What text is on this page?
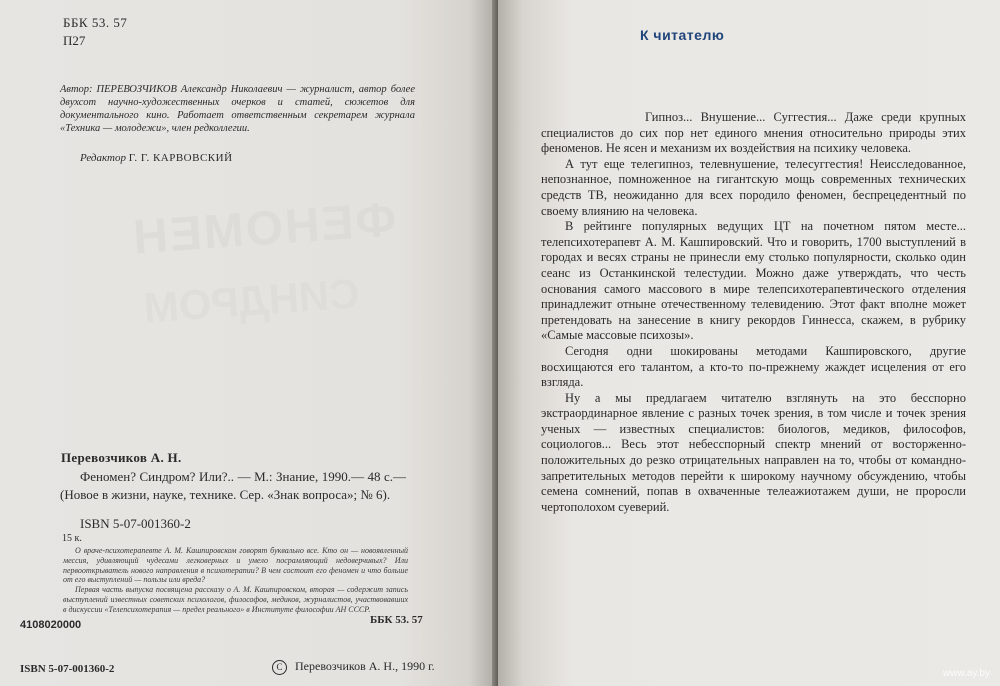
ББК 53. 57
П27
Автор: ПЕРЕВОЗЧИКОВ Александр Николаевич — журналист, автор более двухсот научно-художественных очерков и статей, сюжетов для документального кино. Работает ответственным секретарем журнала «Техника — молодежи», член редколлегии.
Редактор Г. Г. КАРВОВСКИЙ
ФЕНОМЕН
СИНДРОМ
Перевозчиков А. Н.
Феномен? Синдром? Или?.. — М.: Знание, 1990.— 48 с.— (Новое в жизни, науке, технике. Сер. «Знак вопроса»; № 6).
ISBN 5-07-001360-2
15 к.

О враче-психотерапевте А. М. Кашпировском говорят буквально все. Кто он — новоявленный мессия, удивляющий чудесами легковерных и умело посрамляющий недоверчивых? Или первооткрыватель нового направления в психотерапии? В чем состоит его феномен и что больше от его выступлений — пользы или вреда?

Первая часть выпуска посвящена рассказу о А. М. Кашпировском, вторая — содержит запись выступлений известных советских психологов, философов, медиков, журналистов, участвовавших в дискуссии «Телепсихотерапия — предел реального» в Институте философии АН СССР.

4108020000	ББК 53. 57
ISBN 5-07-001360-2	С Перевозчиков А. Н., 1990 г.
К читателю

Гипноз... Внушение... Суггестия... Даже среди крупных специалистов до сих пор нет единого мнения относительно природы этих феноменов. Не ясен и механизм их воздействия на психику человека.

А тут еще телегипноз, телевнушение, телесуггестия! Неисследованное, непознанное, помноженное на гигантскую мощь современных технических средств ТВ, неожиданно для всех породило феномен, беспрецедентный по своему влиянию на человека.

В рейтинге популярных ведущих ЦТ на почетном пятом месте... телепсихотерапевт А. М. Кашпировский. Что и говорить, 1700 выступлений в городах и весях страны не принесли ему столько популярности, сколько один сеанс из Останкинской телестудии. Можно даже утверждать, что честь основания самого массового в мире телепсихотерапевтического отделения принадлежит отныне отечественному телевидению. Этот факт вполне может претендовать на занесение в книгу рекордов Гиннесса, скажем, в рубрику «Самые массовые психозы».

Сегодня одни шокированы методами Кашпировского, другие восхищаются его талантом, а кто-то по-прежнему жаждет исцеления от его взгляда.

Ну а мы предлагаем читателю взглянуть на это бесспорно экстраординарное явление с разных точек зрения, в том числе и точек зрения ученых — известных специалистов: биологов, медиков, философов, социологов... Весь этот небесспорный спектр мнений от восторженно-положительных до резко отрицательных направлен на то, чтобы от командно-запретительных методов перейти к широкому научному обсуждению, чтобы семена сомнений, попав в охваченные телеажиотажем души, не проросли чертополохом суеверий.

www.ay.by
